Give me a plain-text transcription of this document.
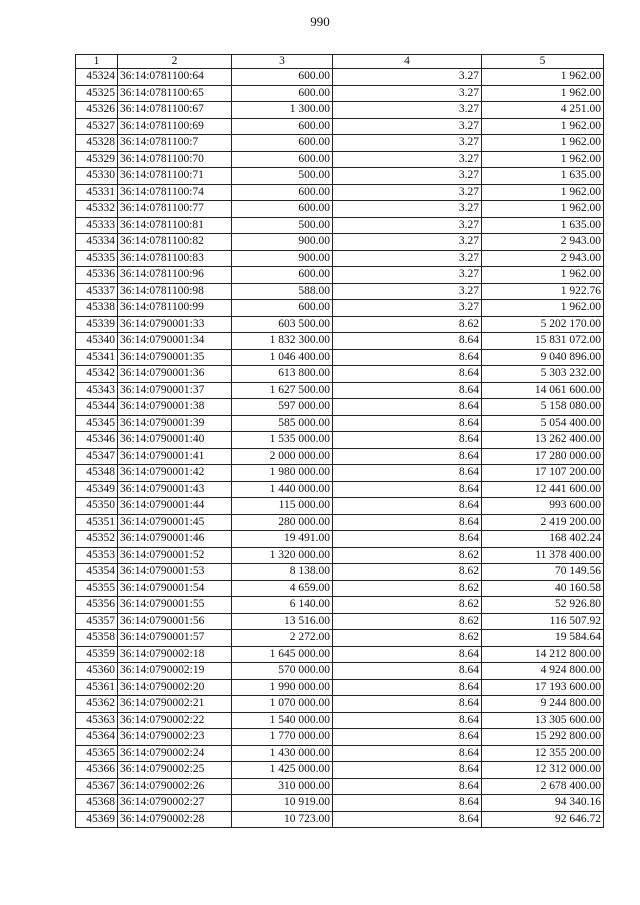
990
1	2	3	4	5
45324	36:14:0781100:64	600.00	3.27	1 962.00
45325	36:14:0781100:65	600.00	3.27	1 962.00
45326	36:14:0781100:67	1 300.00	3.27	4 251.00
45327	36:14:0781100:69	600.00	3.27	1 962.00
45328	36:14:0781100:7	600.00	3.27	1 962.00
45329	36:14:0781100:70	600.00	3.27	1 962.00
45330	36:14:0781100:71	500.00	3.27	1 635.00
45331	36:14:0781100:74	600.00	3.27	1 962.00
45332	36:14:0781100:77	600.00	3.27	1 962.00
45333	36:14:0781100:81	500.00	3.27	1 635.00
45334	36:14:0781100:82	900.00	3.27	2 943.00
45335	36:14:0781100:83	900.00	3.27	2 943.00
45336	36:14:0781100:96	600.00	3.27	1 962.00
45337	36:14:0781100:98	588.00	3.27	1 922.76
45338	36:14:0781100:99	600.00	3.27	1 962.00
45339	36:14:0790001:33	603 500.00	8.62	5 202 170.00
45340	36:14:0790001:34	1 832 300.00	8.64	15 831 072.00
45341	36:14:0790001:35	1 046 400.00	8.64	9 040 896.00
45342	36:14:0790001:36	613 800.00	8.64	5 303 232.00
45343	36:14:0790001:37	1 627 500.00	8.64	14 061 600.00
45344	36:14:0790001:38	597 000.00	8.64	5 158 080.00
45345	36:14:0790001:39	585 000.00	8.64	5 054 400.00
45346	36:14:0790001:40	1 535 000.00	8.64	13 262 400.00
45347	36:14:0790001:41	2 000 000.00	8.64	17 280 000.00
45348	36:14:0790001:42	1 980 000.00	8.64	17 107 200.00
45349	36:14:0790001:43	1 440 000.00	8.64	12 441 600.00
45350	36:14:0790001:44	115 000.00	8.64	993 600.00
45351	36:14:0790001:45	280 000.00	8.64	2 419 200.00
45352	36:14:0790001:46	19 491.00	8.64	168 402.24
45353	36:14:0790001:52	1 320 000.00	8.62	11 378 400.00
45354	36:14:0790001:53	8 138.00	8.62	70 149.56
45355	36:14:0790001:54	4 659.00	8.62	40 160.58
45356	36:14:0790001:55	6 140.00	8.62	52 926.80
45357	36:14:0790001:56	13 516.00	8.62	116 507.92
45358	36:14:0790001:57	2 272.00	8.62	19 584.64
45359	36:14:0790002:18	1 645 000.00	8.64	14 212 800.00
45360	36:14:0790002:19	570 000.00	8.64	4 924 800.00
45361	36:14:0790002:20	1 990 000.00	8.64	17 193 600.00
45362	36:14:0790002:21	1 070 000.00	8.64	9 244 800.00
45363	36:14:0790002:22	1 540 000.00	8.64	13 305 600.00
45364	36:14:0790002:23	1 770 000.00	8.64	15 292 800.00
45365	36:14:0790002:24	1 430 000.00	8.64	12 355 200.00
45366	36:14:0790002:25	1 425 000.00	8.64	12 312 000.00
45367	36:14:0790002:26	310 000.00	8.64	2 678 400.00
45368	36:14:0790002:27	10 919.00	8.64	94 340.16
45369	36:14:0790002:28	10 723.00	8.64	92 646.72
